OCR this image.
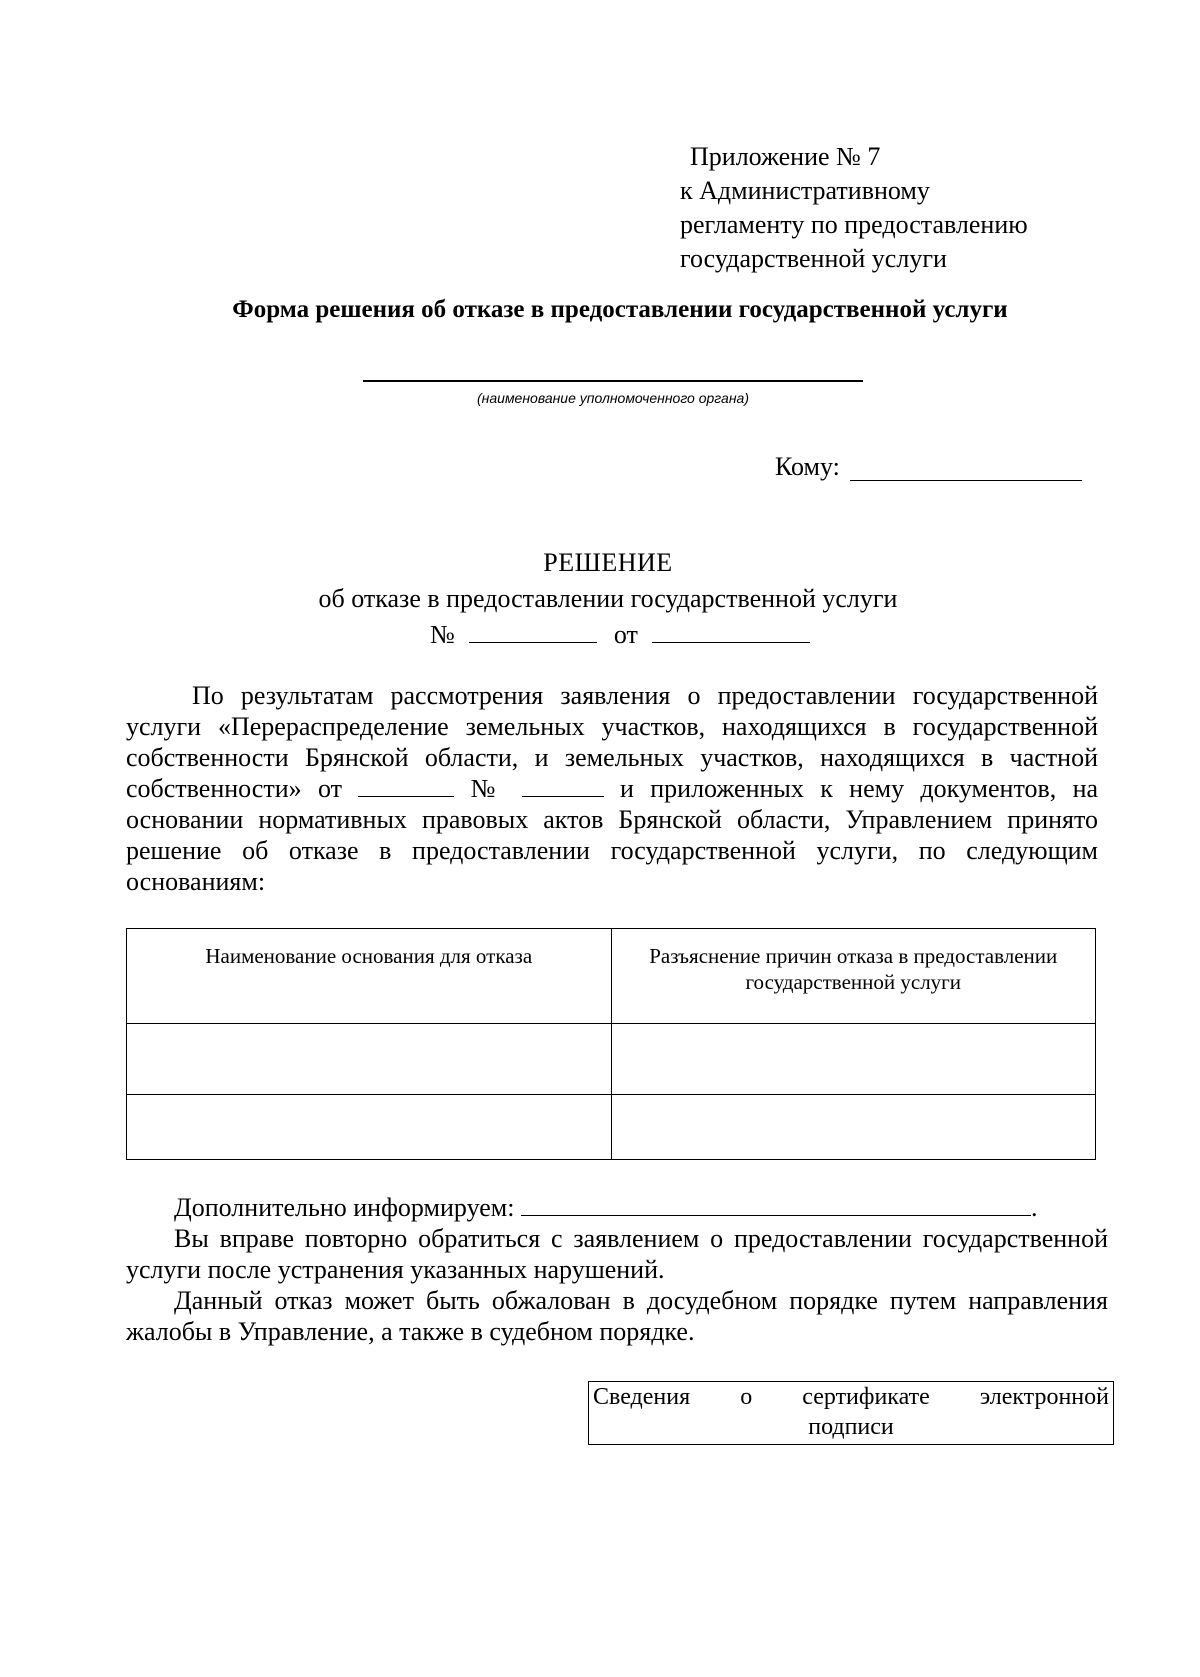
Приложение № 7
к Административному
регламенту по предоставлению
государственной услуги
Форма решения об отказе в предоставлении государственной услуги
(наименование уполномоченного органа)
Кому:
РЕШЕНИЕ
об отказе в предоставлении государственной услуги
№	от
По результатам рассмотрения заявления о предоставлении государственной услуги «Перераспределение земельных участков, находящихся в государственной собственности Брянской области, и земельных участков, находящихся в частной собственности» от	№	и приложенных к нему документов, на основании нормативных правовых актов Брянской области, Управлением принято решение об отказе в предоставлении государственной услуги, по следующим основаниям:
Наименование основания для отказа	Разъяснение причин отказа в предоставлении государственной услуги

Дополнительно информируем:	.

Вы вправе повторно обратиться с заявлением о предоставлении государственной услуги после устранения указанных нарушений.

Данный отказ может быть обжалован в досудебном порядке путем направления жалобы в Управление, а также в судебном порядке.

Сведения о сертификате электронной
подписи
